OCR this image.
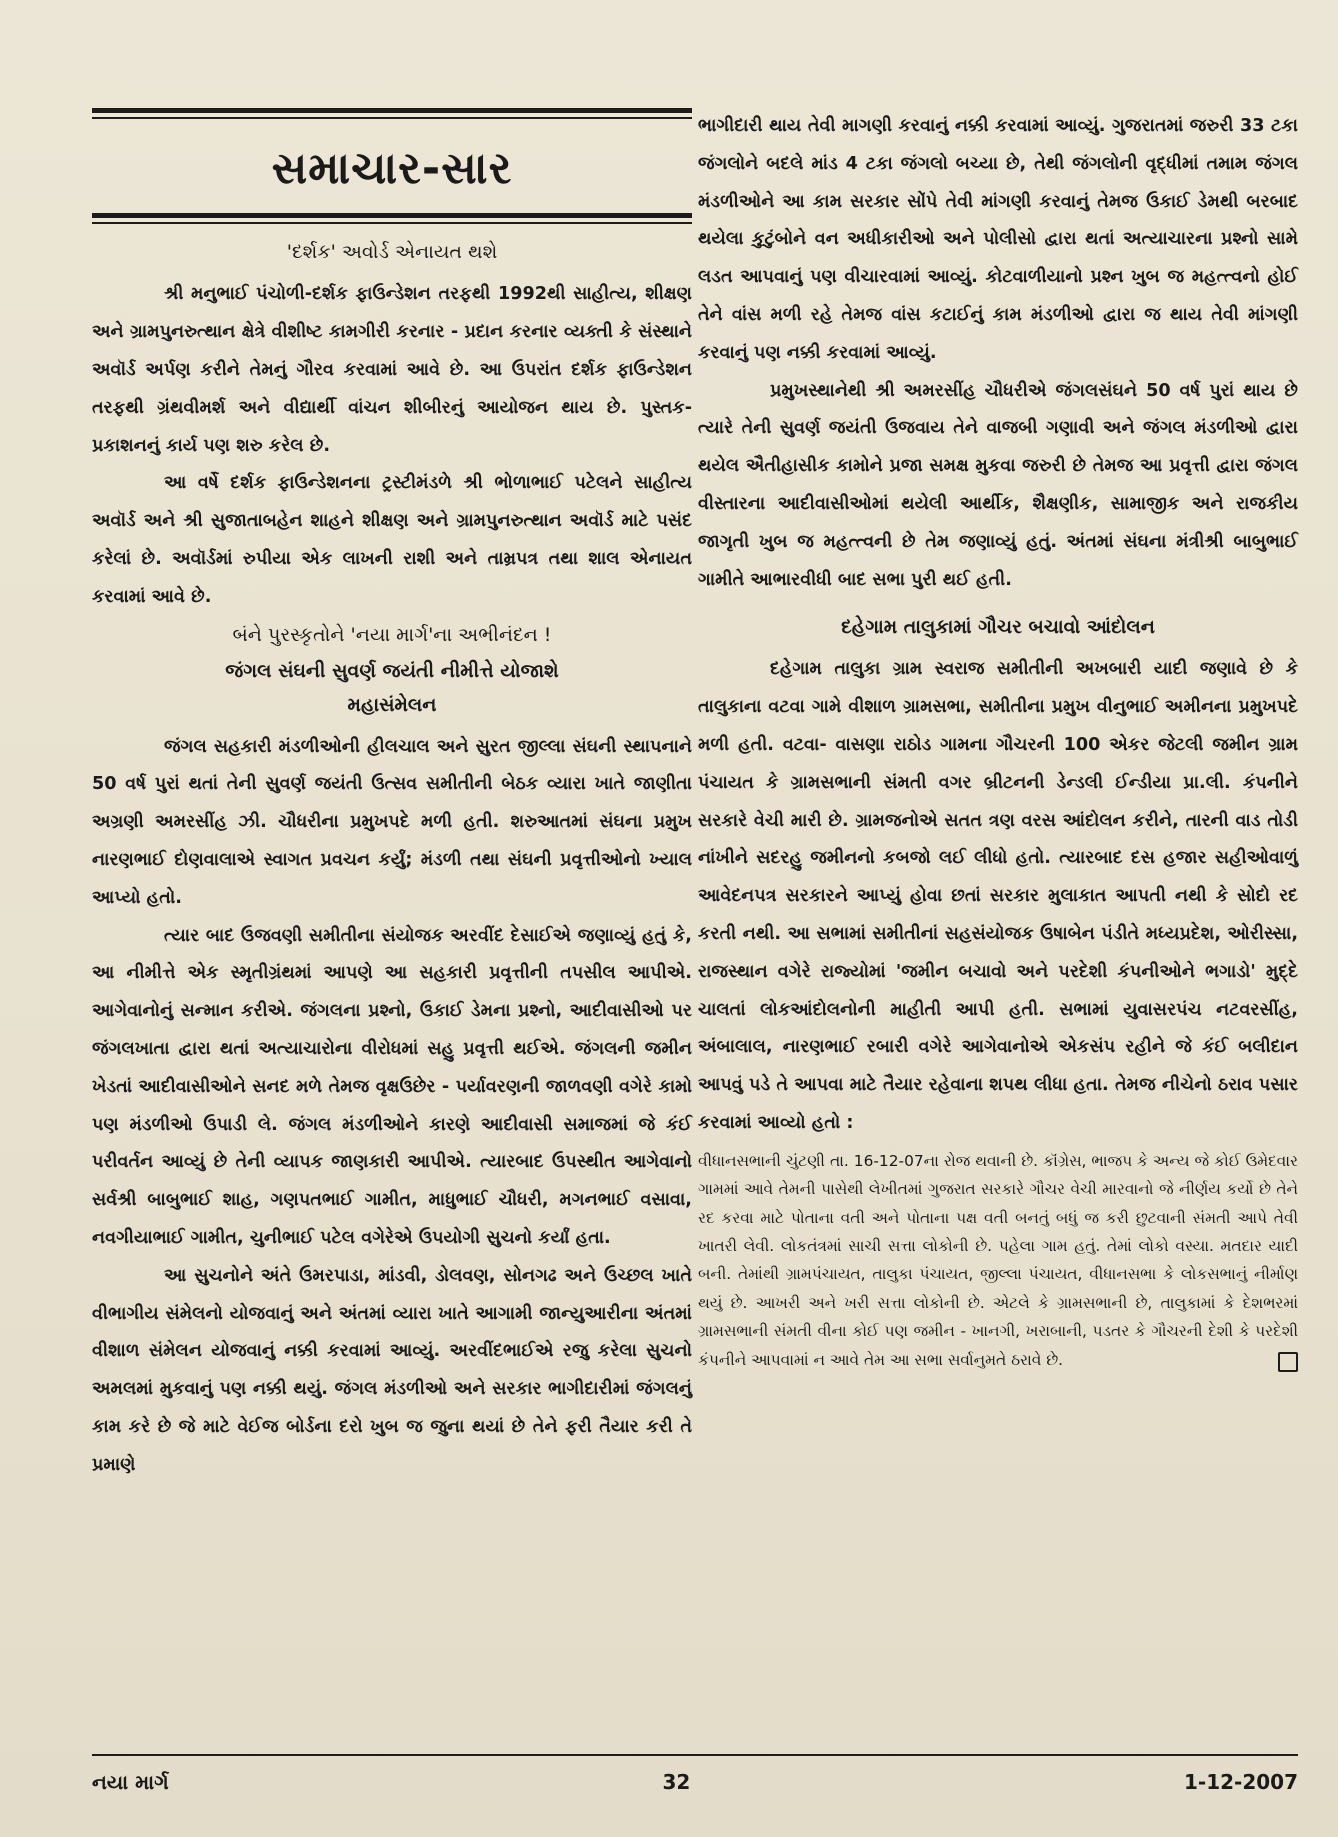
સમાચાર-સાર
'દર્શક' અવોર્ડ એનાયત થશે

શ્રી મનુભાઈ પંચોળી-દર્શક ફાઉન્ડેશન તરફથી 1992થી સાહીત્ય, શીક્ષણ અને ગ્રામપુનરુત્થાન ક્ષેત્રે વીશીષ્ટ કામગીરી કરનાર - પ્રદાન કરનાર વ્યક્તી કે સંસ્થાને અવૉર્ડ અર્પણ કરીને તેમનું ગૌરવ કરવામાં આવે છે. આ ઉપરાંત દર્શક ફાઉન્ડેશન તરફથી ગ્રંથવીમર્શ અને વીદ્યાર્થી વાંચન શીબીરનું આયોજન થાય છે. પુસ્તક-પ્રકાશનનું કાર્ય પણ શરુ કરેલ છે.

આ વર્ષે દર્શક ફાઉન્ડેશનના ટ્રસ્ટીમંડળે શ્રી ભોળાભાઈ પટેલને સાહીત્ય અવૉર્ડ અને શ્રી સુજાતાબહેન શાહને શીક્ષણ અને ગ્રામપુનરુત્થાન અવૉર્ડ માટે પસંદ કરેલાં છે. અવૉર્ડમાં રુપીયા એક લાખની રાશી અને તામ્રપત્ર તથા શાલ એનાયત કરવામાં આવે છે.

બંને પુરસ્કૃતોને 'નયા માર્ગ'ના અભીનંદન !
જંગલ સંઘની સુવર્ણ જયંતી નીમીત્તે યોજાશે
મહાસંમેલન

જંગલ સહકારી મંડળીઓની હીલચાલ અને સુરત જીલ્લા સંઘની સ્થાપનાને 50 વર્ષ પુરાં થતાં તેની સુવર્ણ જયંતી ઉત્સવ સમીતીની બેઠક વ્યારા ખાતે જાણીતા અગ્રણી અમરસીંહ ઝી. ચૌધરીના પ્રમુખપદે મળી હતી. શરુઆતમાં સંઘના પ્રમુખ નારણભાઈ દોણવાલાએ સ્વાગત પ્રવચન કર્યું; મંડળી તથા સંઘની પ્રવૃત્તીઓનો ખ્યાલ આપ્યો હતો.

ત્યાર બાદ ઉજવણી સમીતીના સંયોજક અરવીંદ દેસાઈએ જણાવ્યું હતું કે, આ નીમીત્તે એક સ્મૃતીગ્રંથમાં આપણે આ સહકારી પ્રવૃત્તીની તપસીલ આપીએ. આગેવાનોનું સન્માન કરીએ. જંગલના પ્રશ્નો, ઉકાઈ ડેમના પ્રશ્નો, આદીવાસીઓ પર જંગલખાતા દ્વારા થતાં અત્યાચારોના વીરોધમાં સહુ પ્રવૃત્તી થઈએ. જંગલની જમીન ખેડતાં આદીવાસીઓને સનદ મળે તેમજ વૃક્ષઉછેર - પર્યાવરણની જાળવણી વગેરે કામો પણ મંડળીઓ ઉપાડી લે. જંગલ મંડળીઓને કારણે આદીવાસી સમાજમાં જે કંઈ પરીવર્તન આવ્યું છે તેની વ્યાપક જાણકારી આપીએ. ત્યારબાદ ઉપસ્થીત આગેવાનો સર્વશ્રી બાબુભાઈ શાહ, ગણપતભાઈ ગામીત, માધુભાઈ ચૌધરી, મગનભાઈ વસાવા, નવગીયાભાઈ ગામીત, ચુનીભાઈ પટેલ વગેરેએ ઉપયોગી સુચનો કર્યાં હતા.

આ સુચનોને અંતે ઉમરપાડા, માંડવી, ડોલવણ, સોનગઢ અને ઉચ્છલ ખાતે વીભાગીય સંમેલનો યોજવાનું અને અંતમાં વ્યારા ખાતે આગામી જાન્યુઆરીના અંતમાં વીશાળ સંમેલન યોજવાનું નક્કી કરવામાં આવ્યું. અરવીંદભાઈએ રજુ કરેલા સુચનો અમલમાં મુકવાનું પણ નક્કી થયું. જંગલ મંડળીઓ અને સરકાર ભાગીદારીમાં જંગલનું કામ કરે છે જે માટે વેઈજ બોર્ડના દરો ખુબ જ જુના થયાં છે તેને ફરી તૈયાર કરી તે પ્રમાણે

ભાગીદારી થાય તેવી માગણી કરવાનું નક્કી કરવામાં આવ્યું. ગુજરાતમાં જરુરી 33 ટકા જંગલોને બદલે માંડ 4 ટકા જંગલો બચ્યા છે, તેથી જંગલોની વૃદ્ધીમાં તમામ જંગલ મંડળીઓને આ કામ સરકાર સોંપે તેવી માંગણી કરવાનું તેમજ ઉકાઈ ડેમથી બરબાદ થયેલા કુટુંબોને વન અધીકારીઓ અને પોલીસો દ્વારા થતાં અત્યાચારના પ્રશ્નો સામે લડત આપવાનું પણ વીચારવામાં આવ્યું. કોટવાળીયાનો પ્રશ્ન ખુબ જ મહત્ત્વનો હોઈ તેને વાંસ મળી રહે તેમજ વાંસ કટાઈનું કામ મંડળીઓ દ્વારા જ થાય તેવી માંગણી કરવાનું પણ નક્કી કરવામાં આવ્યું.

પ્રમુખસ્થાનેથી શ્રી અમરસીંહ ચૌધરીએ જંગલસંઘને 50 વર્ષ પુરાં થાય છે ત્યારે તેની સુવર્ણ જયંતી ઉજવાય તેને વાજબી ગણાવી અને જંગલ મંડળીઓ દ્વારા થયેલ ઐતીહાસીક કામોને પ્રજા સમક્ષ મુકવા જરુરી છે તેમજ આ પ્રવૃત્તી દ્વારા જંગલ વીસ્તારના આદીવાસીઓમાં થયેલી આર્થીક, શૈક્ષણીક, સામાજીક અને રાજકીય જાગૃતી ખુબ જ મહત્ત્વની છે તેમ જણાવ્યું હતું. અંતમાં સંઘના મંત્રીશ્રી બાબુભાઈ ગામીતે આભારવીધી બાદ સભા પુરી થઈ હતી.

દહેગામ તાલુકામાં ગૌચર બચાવો આંદોલન

દહેગામ તાલુકા ગ્રામ સ્વરાજ સમીતીની અખબારી યાદી જણાવે છે કે તાલુકાના વટવા ગામે વીશાળ ગ્રામસભા, સમીતીના પ્રમુખ વીનુભાઈ અમીનના પ્રમુખપદે મળી હતી. વટવા- વાસણા રાઠોડ ગામના ગૌચરની 100 એકર જેટલી જમીન ગ્રામ પંચાયત કે ગ્રામસભાની સંમતી વગર બ્રીટનની ડેન્ડલી ઈન્ડીયા પ્રા.લી. કંપનીને સરકારે વેચી મારી છે. ગ્રામજનોએ સતત ત્રણ વરસ આંદોલન કરીને, તારની વાડ તોડી નાંખીને સદરહુ જમીનનો કબજો લઈ લીધો હતો. ત્યારબાદ દસ હજાર સહીઓવાળું આવેદનપત્ર સરકારને આપ્યું હોવા છતાં સરકાર મુલાકાત આપતી નથી કે સોદો રદ કરતી નથી. આ સભામાં સમીતીનાં સહસંયોજક ઉષાબેન પંડીતે મધ્યપ્રદેશ, ઓરીસ્સા, રાજસ્થાન વગેરે રાજ્યોમાં 'જમીન બચાવો અને પરદેશી કંપનીઓને ભગાડો' મુદ્દે ચાલતાં લોકઆંદોલનોની માહીતી આપી હતી. સભામાં યુવાસરપંચ નટવરસીંહ, અંબાલાલ, નારણભાઈ રબારી વગેરે આગેવાનોએ એકસંપ રહીને જે કંઈ બલીદાન આપવું પડે તે આપવા માટે તૈયાર રહેવાના શપથ લીધા હતા. તેમજ નીચેનો ઠરાવ પસાર કરવામાં આવ્યો હતો :

વીધાનસભાની ચુંટણી તા. 16-12-07ના રોજ થવાની છે. કૉંગ્રેસ, ભાજપ કે અન્ય જે કોઈ ઉમેદવાર ગામમાં આવે તેમની પાસેથી લેખીતમાં ગુજરાત સરકારે ગૌચર વેચી મારવાનો જે નીર્ણય કર્યો છે તેને રદ કરવા માટે પોતાના વતી અને પોતાના પક્ષ વતી બનતું બધું જ કરી છુટવાની સંમતી આપે તેવી ખાતરી લેવી. લોકતંત્રમાં સાચી સત્તા લોકોની છે. પહેલા ગામ હતું. તેમાં લોકો વસ્યા. મતદાર યાદી બની. તેમાંથી ગ્રામપંચાયત, તાલુકા પંચાયત, જીલ્લા પંચાયત, વીધાનસભા કે લોકસભાનું નીર્માણ થયું છે. આખરી અને ખરી સત્તા લોકોની છે. એટલે કે ગ્રામસભાની છે, તાલુકામાં કે દેશભરમાં ગ્રામસભાની સંમતી વીના કોઈ પણ જમીન - ખાનગી, ખરાબાની, પડતર કે ગૌચરની દેશી કે પરદેશી કંપનીને આપવામાં ન આવે તેમ આ સભા સર્વાનુમતે ઠરાવે છે.
નયા માર્ગ	32	1-12-2007
